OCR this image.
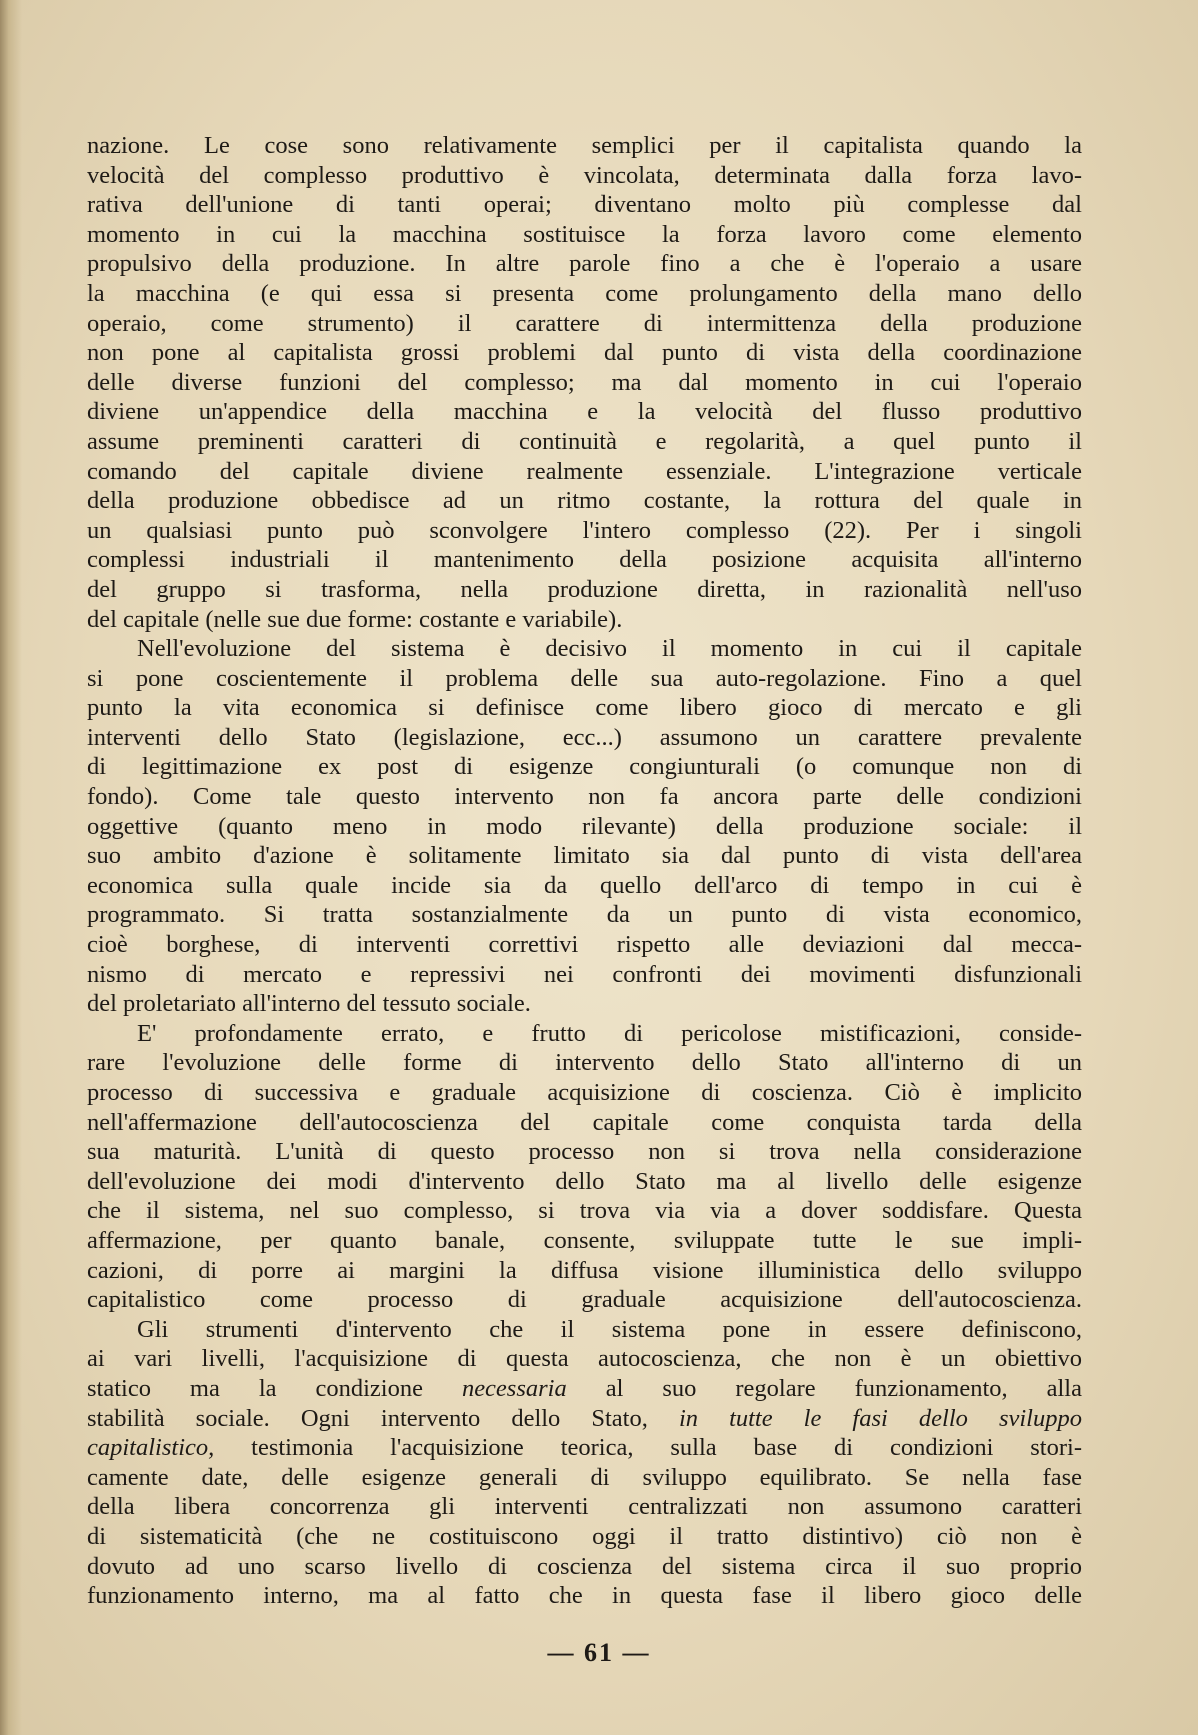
nazione. Le cose sono relativamente semplici per il capitalista quando la
velocità del complesso produttivo è vincolata, determinata dalla forza lavo-
rativa dell'unione di tanti operai; diventano molto più complesse dal
momento in cui la macchina sostituisce la forza lavoro come elemento
propulsivo della produzione. In altre parole fino a che è l'operaio a usare
la macchina (e qui essa si presenta come prolungamento della mano dello
operaio, come strumento) il carattere di intermittenza della produzione
non pone al capitalista grossi problemi dal punto di vista della coordinazione
delle diverse funzioni del complesso; ma dal momento in cui l'operaio
diviene un'appendice della macchina e la velocità del flusso produttivo
assume preminenti caratteri di continuità e regolarità, a quel punto il
comando del capitale diviene realmente essenziale. L'integrazione verticale
della produzione obbedisce ad un ritmo costante, la rottura del quale in
un qualsiasi punto può sconvolgere l'intero complesso (22). Per i singoli
complessi industriali il mantenimento della posizione acquisita all'interno
del gruppo si trasforma, nella produzione diretta, in razionalità nell'uso
del capitale (nelle sue due forme: costante e variabile).
Nell'evoluzione del sistema è decisivo il momento in cui il capitale
si pone coscientemente il problema delle sua auto-regolazione. Fino a quel
punto la vita economica si definisce come libero gioco di mercato e gli
interventi dello Stato (legislazione, ecc...) assumono un carattere prevalente
di legittimazione ex post di esigenze congiunturali (o comunque non di
fondo). Come tale questo intervento non fa ancora parte delle condizioni
oggettive (quanto meno in modo rilevante) della produzione sociale: il
suo ambito d'azione è solitamente limitato sia dal punto di vista dell'area
economica sulla quale incide sia da quello dell'arco di tempo in cui è
programmato. Si tratta sostanzialmente da un punto di vista economico,
cioè borghese, di interventi correttivi rispetto alle deviazioni dal mecca-
nismo di mercato e repressivi nei confronti dei movimenti disfunzionali
del proletariato all'interno del tessuto sociale.
E' profondamente errato, e frutto di pericolose mistificazioni, conside-
rare l'evoluzione delle forme di intervento dello Stato all'interno di un
processo di successiva e graduale acquisizione di coscienza. Ciò è implicito
nell'affermazione dell'autocoscienza del capitale come conquista tarda della
sua maturità. L'unità di questo processo non si trova nella considerazione
dell'evoluzione dei modi d'intervento dello Stato ma al livello delle esigenze
che il sistema, nel suo complesso, si trova via via a dover soddisfare. Questa
affermazione, per quanto banale, consente, sviluppate tutte le sue impli-
cazioni, di porre ai margini la diffusa visione illuministica dello sviluppo
capitalistico come processo di graduale acquisizione dell'autocoscienza.
Gli strumenti d'intervento che il sistema pone in essere definiscono,
ai vari livelli, l'acquisizione di questa autocoscienza, che non è un obiettivo
statico ma la condizione necessaria al suo regolare funzionamento, alla
stabilità sociale. Ogni intervento dello Stato, in tutte le fasi dello sviluppo
capitalistico, testimonia l'acquisizione teorica, sulla base di condizioni stori-
camente date, delle esigenze generali di sviluppo equilibrato. Se nella fase
della libera concorrenza gli interventi centralizzati non assumono caratteri
di sistematicità (che ne costituiscono oggi il tratto distintivo) ciò non è
dovuto ad uno scarso livello di coscienza del sistema circa il suo proprio
funzionamento interno, ma al fatto che in questa fase il libero gioco delle
— 61 —
